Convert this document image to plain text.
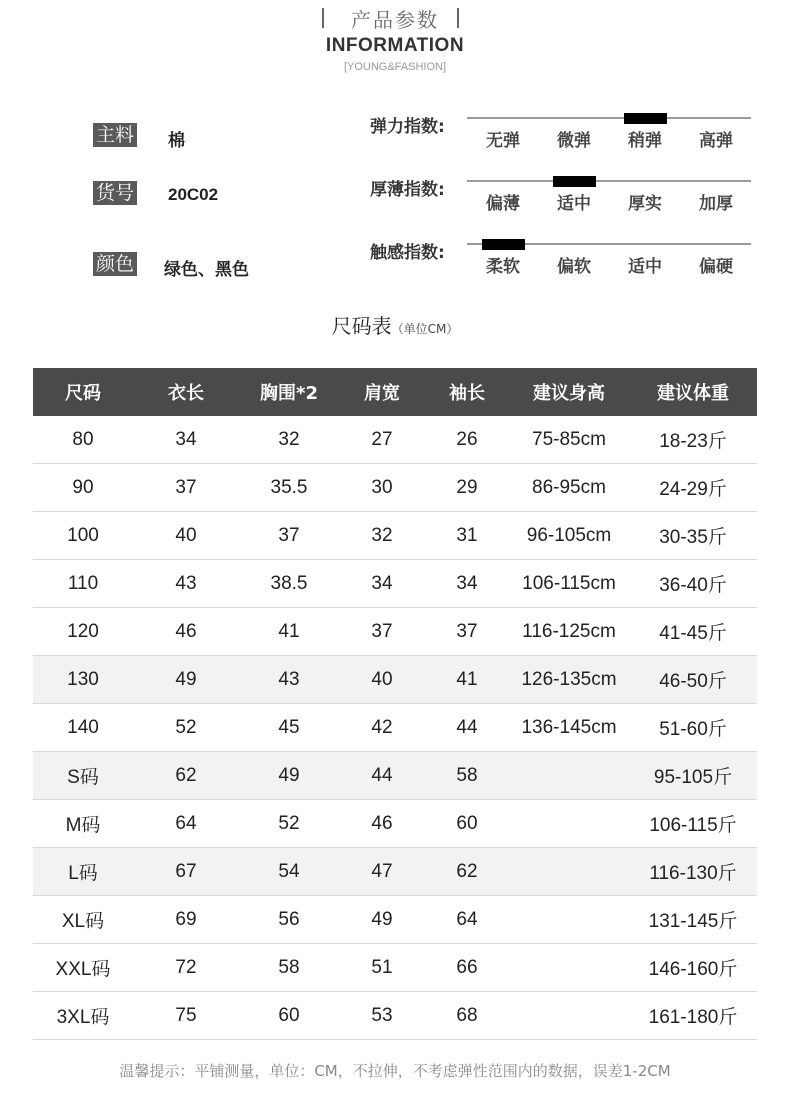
产品参数
INFORMATION
[YOUNG&FASHION]
主料 棉
货号 20C02
颜色 绿色、黑色
弹力指数:
无弹	微弹	稍弹	高弹
厚薄指数:
偏薄	适中	厚实	加厚
触感指数:
柔软	偏软	适中	偏硬
尺码表（单位CM）
尺码	衣长	胸围*2	肩宽	袖长	建议身高	建议体重
80	34	32	27	26	75-85cm	18-23斤
90	37	35.5	30	29	86-95cm	24-29斤
100	40	37	32	31	96-105cm	30-35斤
110	43	38.5	34	34	106-115cm	36-40斤
120	46	41	37	37	116-125cm	41-45斤
130	49	43	40	41	126-135cm	46-50斤
140	52	45	42	44	136-145cm	51-60斤
S码	62	49	44	58		95-105斤
M码	64	52	46	60		106-115斤
L码	67	54	47	62		116-130斤
XL码	69	56	49	64		131-145斤
XXL码	72	58	51	66		146-160斤
3XL码	75	60	53	68		161-180斤
温馨提示：平铺测量，单位：CM，不拉伸，不考虑弹性范围内的数据，误差1-2CM
